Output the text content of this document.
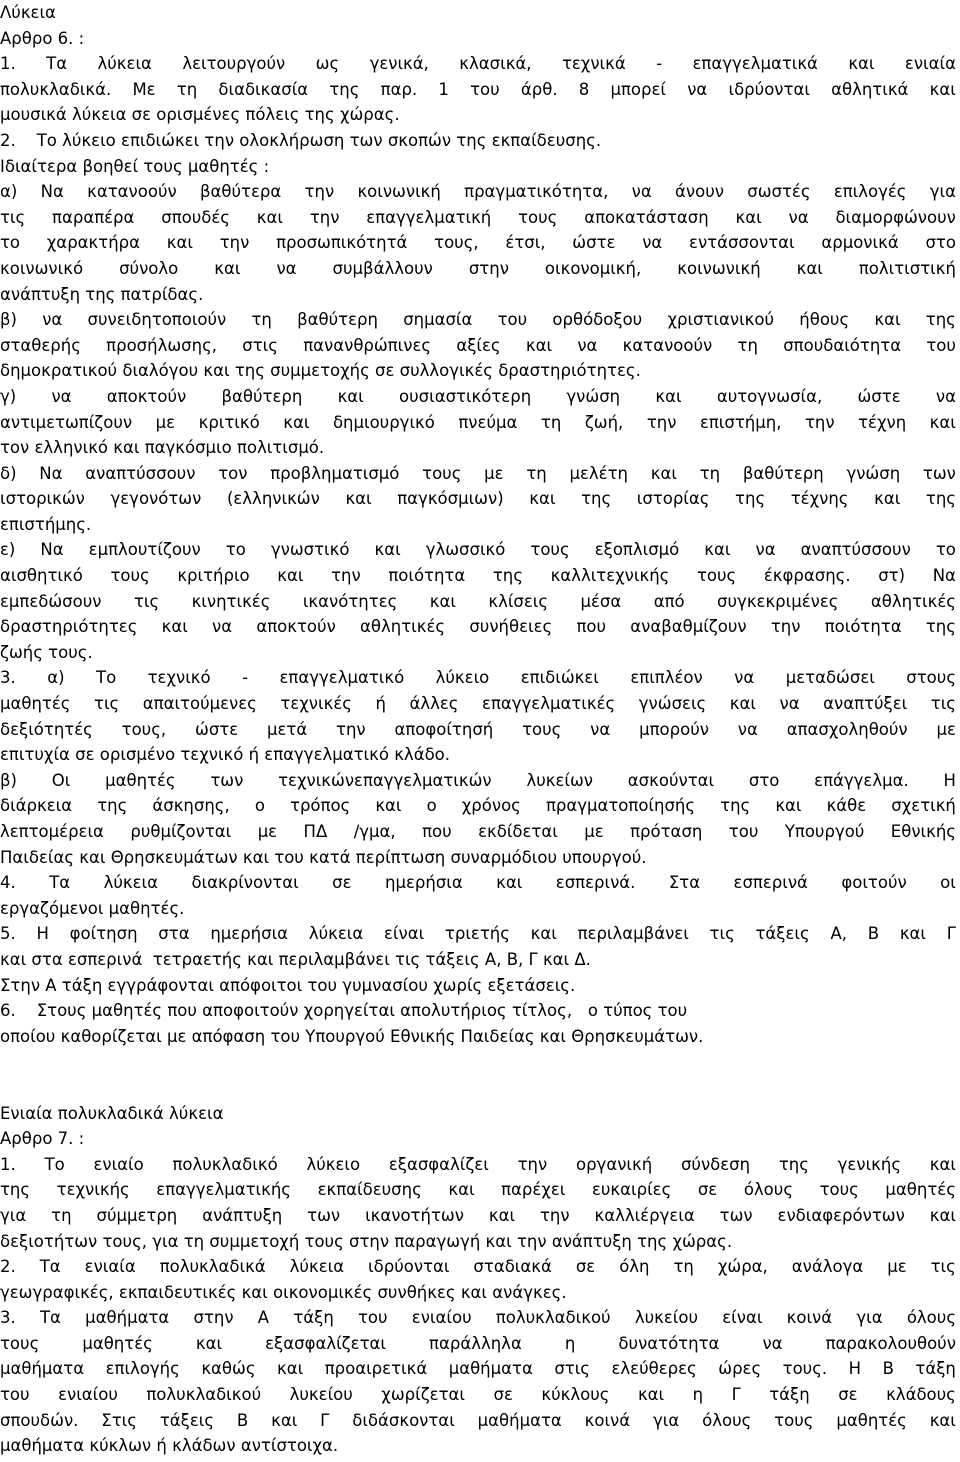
Λύκεια
Αρθρο 6. :
1. Τα λύκεια λειτουργούν ως γενικά, κλασικά, τεχνικά - επαγγελματικά και ενιαία
πολυκλαδικά. Με τη διαδικασία της παρ. 1 του άρθ. 8 μπορεί να ιδρύονται αθλητικά και
μουσικά λύκεια σε ορισμένες πόλεις της χώρας.
2.    Το λύκειο επιδιώκει την ολοκλήρωση των σκοπών της εκπαίδευσης.
Ιδιαίτερα βοηθεί τους μαθητές :
α) Να κατανοούν βαθύτερα την κοινωνική πραγματικότητα, να άνουν σωστές επιλογές για
τις παραπέρα σπουδές και την επαγγελματική τους αποκατάσταση και να διαμορφώνουν
το χαρακτήρα και την προσωπικότητά τους, έτσι, ώστε να εντάσσονται αρμονικά στο
κοινωνικό σύνολο και να συμβάλλουν στην οικονομική, κοινωνική και πολιτιστική
ανάπτυξη της πατρίδας.
β) να συνειδητοποιούν τη βαθύτερη σημασία του ορθόδοξου χριστιανικού ήθους και της
σταθερής προσήλωσης, στις πανανθρώπινες αξίες και να κατανοούν τη σπουδαιότητα του
δημοκρατικού διαλόγου και της συμμετοχής σε συλλογικές δραστηριότητες.
γ) να αποκτούν βαθύτερη και ουσιαστικότερη γνώση και αυτογνωσία, ώστε να
αντιμετωπίζουν με κριτικό και δημιουργικό πνεύμα τη ζωή, την επιστήμη, την τέχνη και
τον ελληνικό και παγκόσμιο πολιτισμό.
δ) Να αναπτύσσουν τον προβληματισμό τους με τη μελέτη και τη βαθύτερη γνώση των
ιστορικών γεγονότων (ελληνικών και παγκόσμιων) και της ιστορίας της τέχνης και της
επιστήμης.
ε) Να εμπλουτίζουν το γνωστικό και γλωσσικό τους εξοπλισμό και να αναπτύσσουν το
αισθητικό τους κριτήριο και την ποιότητα της καλλιτεχνικής τους έκφρασης. στ) Να
εμπεδώσουν τις κινητικές ικανότητες και κλίσεις μέσα από συγκεκριμένες αθλητικές
δραστηριότητες και να αποκτούν αθλητικές συνήθειες που αναβαθμίζουν την ποιότητα της
ζωής τους.
3. α) Το τεχνικό - επαγγελματικό λύκειο επιδιώκει επιπλέον να μεταδώσει στους
μαθητές τις απαιτούμενες τεχνικές ή άλλες επαγγελματικές γνώσεις και να αναπτύξει τις
δεξιότητές τους, ώστε μετά την αποφοίτησή τους να μπορούν να απασχοληθούν με
επιτυχία σε ορισμένο τεχνικό ή επαγγελματικό κλάδο.
β) Οι μαθητές των τεχνικώνεπαγγελματικών λυκείων ασκούνται στο επάγγελμα. Η
διάρκεια της άσκησης, ο τρόπος και ο χρόνος πραγματοποίησής της και κάθε σχετική
λεπτομέρεια ρυθμίζονται με ΠΔ /γμα, που εκδίδεται με πρόταση του Υπουργού Εθνικής
Παιδείας και Θρησκευμάτων και του κατά περίπτωση συναρμόδιου υπουργού.
4. Τα λύκεια διακρίνονται σε ημερήσια και εσπερινά. Στα εσπερινά φοιτούν οι
εργαζόμενοι μαθητές.
5. Η φοίτηση στα ημερήσια λύκεια είναι τριετής και περιλαμβάνει τις τάξεις Α, Β και Γ
και στα εσπερινά  τετραετής και περιλαμβάνει τις τάξεις Α, Β, Γ και Δ.
Στην Α τάξη εγγράφονται απόφοιτοι του γυμνασίου χωρίς εξετάσεις.
6.    Στους μαθητές που αποφοιτούν χορηγείται απολυτήριος τίτλος,   ο τύπος του
οποίου καθορίζεται με απόφαση του Υπουργού Εθνικής Παιδείας και Θρησκευμάτων.
Ενιαία πολυκλαδικά λύκεια
Αρθρο 7. :
1. Το ενιαίο πολυκλαδικό λύκειο εξασφαλίζει την οργανική σύνδεση της γενικής και
της τεχνικής επαγγελματικής εκπαίδευσης και παρέχει ευκαιρίες σε όλους τους μαθητές
για τη σύμμετρη ανάπτυξη των ικανοτήτων και την καλλιέργεια των ενδιαφερόντων και
δεξιοτήτων τους, για τη συμμετοχή τους στην παραγωγή και την ανάπτυξη της χώρας.
2. Τα ενιαία πολυκλαδικά λύκεια ιδρύονται σταδιακά σε όλη τη χώρα, ανάλογα με τις
γεωγραφικές, εκπαιδευτικές και οικονομικές συνθήκες και ανάγκες.
3. Τα μαθήματα στην Α τάξη του ενιαίου πολυκλαδικού λυκείου είναι κοινά για όλους
τους	μαθητές	και	εξασφαλίζεται	παράλληλα	η	δυνατότητα	να	παρακολουθούν
μαθήματα επιλογής καθώς και προαιρετικά μαθήματα στις ελεύθερες ώρες τους. Η Β τάξη
του ενιαίου πολυκλαδικού λυκείου χωρίζεται σε κύκλους και η Γ τάξη σε κλάδους
σπουδών. Στις τάξεις Β και Γ διδάσκονται μαθήματα κοινά για όλους τους μαθητές και
μαθήματα κύκλων ή κλάδων αντίστοιχα.
